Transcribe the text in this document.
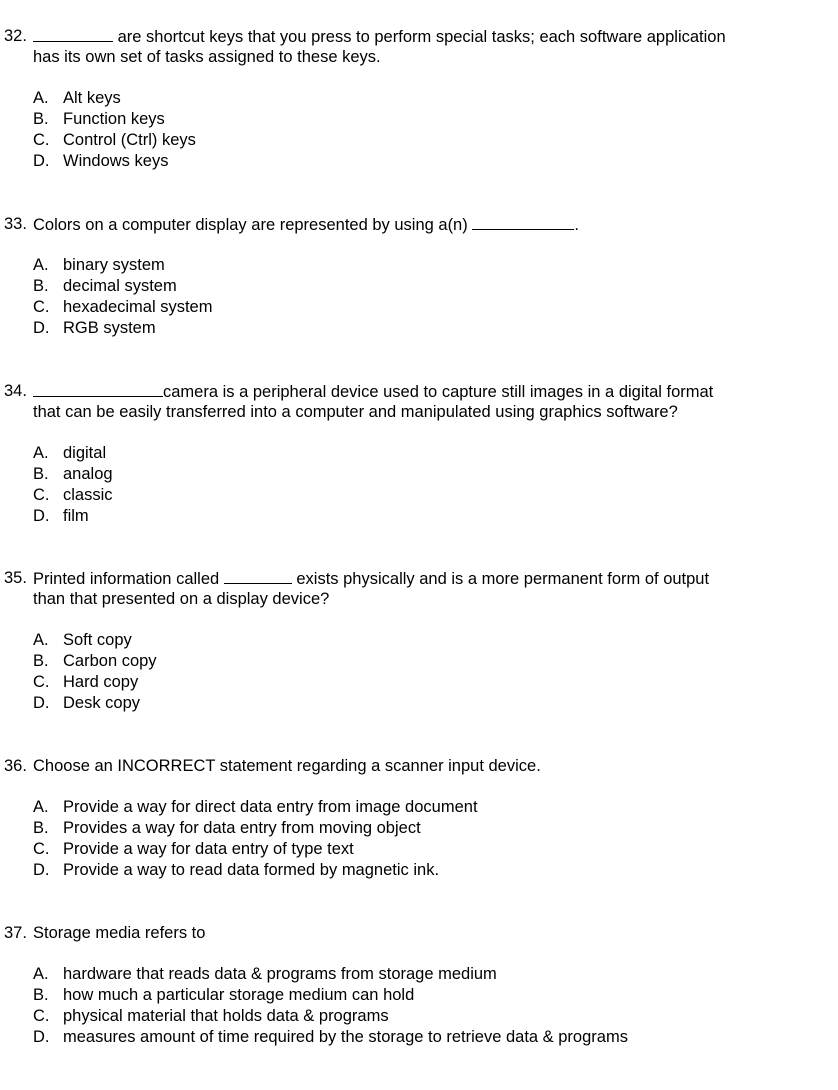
32.	are shortcut keys that you press to perform special tasks; each software application
has its own set of tasks assigned to these keys.
A. Alt keys
B. Function keys
C. Control (Ctrl) keys
D. Windows keys
33. Colors on a computer display are represented by using a(n)	.
A. binary system
B. decimal system
C. hexadecimal system
D. RGB system
34.	camera is a peripheral device used to capture still images in a digital format
that can be easily transferred into a computer and manipulated using graphics software?
A. digital
B. analog
C. classic
D. film
35. Printed information called	exists physically and is a more permanent form of output
than that presented on a display device?
A. Soft copy
B. Carbon copy
C. Hard copy
D. Desk copy
36. Choose an INCORRECT statement regarding a scanner input device.
A. Provide a way for direct data entry from image document
B. Provides a way for data entry from moving object
C. Provide a way for data entry of type text
D. Provide a way to read data formed by magnetic ink.
37. Storage media refers to
A. hardware that reads data & programs from storage medium
B. how much a particular storage medium can hold
C. physical material that holds data & programs
D. measures amount of time required by the storage to retrieve data & programs
